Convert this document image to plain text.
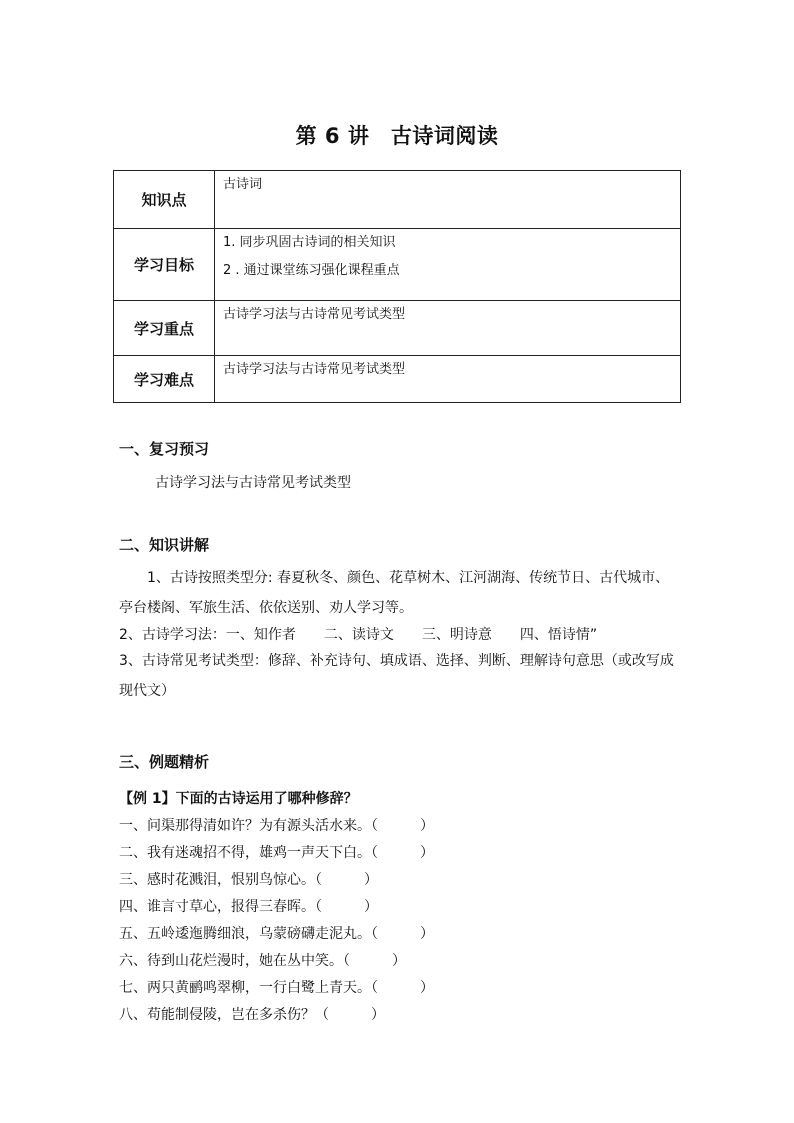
第 6 讲　古诗词阅读
知识点	古诗词

学习目标	1. 同步巩固古诗词的相关知识

2 . 通过课堂练习强化课程重点

学习重点	古诗学习法与古诗常见考试类型

学习难点	古诗学习法与古诗常见考试类型

一、复习预习
古诗学习法与古诗常见考试类型
二、知识讲解
1、古诗按照类型分: 春夏秋冬、颜色、花草树木、江河湖海、传统节日、古代城市、亭台楼阁、军旅生活、依依送别、劝人学习等。
2、古诗学习法：一、知作者　　二、读诗文　　三、明诗意　　四、悟诗情”
3、古诗常见考试类型：修辞、补充诗句、填成语、选择、判断、理解诗句意思（或改写成现代文）
三、例题精析
【例 1】下面的古诗运用了哪种修辞？
一、问渠那得清如许？为有源头活水来。（　　　）
二、我有迷魂招不得，雄鸡一声天下白。（　　　）
三、感时花溅泪，恨别鸟惊心。（　　　）
四、谁言寸草心，报得三春晖。（　　　）
五、五岭逶迤腾细浪，乌蒙磅礴走泥丸。（　　　）
六、待到山花烂漫时，她在丛中笑。（　　　）
七、两只黄鹂鸣翠柳，一行白鹭上青天。（　　　）
八、苟能制侵陵，岂在多杀伤？（　　　）
